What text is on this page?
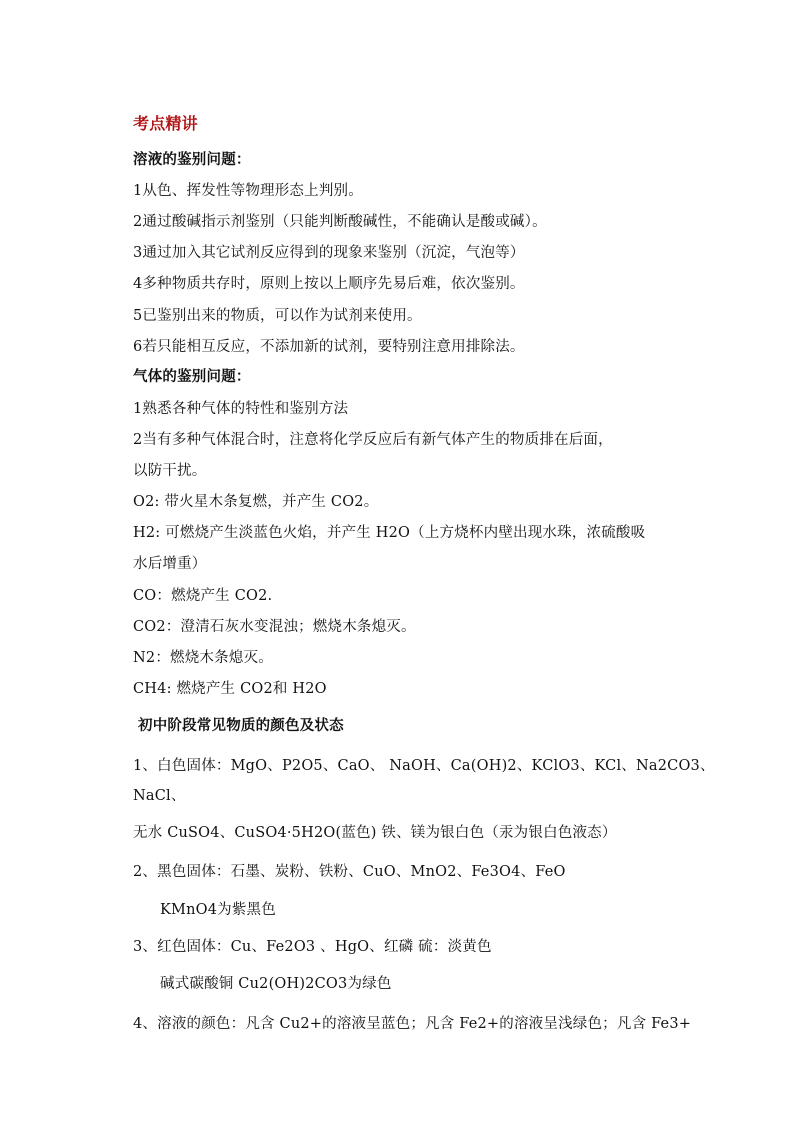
考点精讲

溶液的鉴别问题：

1从色、挥发性等物理形态上判别。

2通过酸碱指示剂鉴别（只能判断酸碱性，不能确认是酸或碱）。

3通过加入其它试剂反应得到的现象来鉴别（沉淀，气泡等）

4多种物质共存时，原则上按以上顺序先易后难，依次鉴别。

5已鉴别出来的物质，可以作为试剂来使用。

6若只能相互反应，不添加新的试剂，要特别注意用排除法。

气体的鉴别问题：

1熟悉各种气体的特性和鉴别方法

2当有多种气体混合时，注意将化学反应后有新气体产生的物质排在后面，

以防干扰。

O2: 带火星木条复燃，并产生 CO2。

H2: 可燃烧产生淡蓝色火焰，并产生 H2O（上方烧杯内壁出现水珠，浓硫酸吸

水后增重）

CO：燃烧产生 CO2.

CO2：澄清石灰水变混浊；燃烧木条熄灭。

N2：燃烧木条熄灭。

CH4: 燃烧产生 CO2和 H2O

初中阶段常见物质的颜色及状态

1、白色固体：MgO、P2O5、CaO、 NaOH、Ca(OH)2、KClO3、KCl、Na2CO3、

NaCl、

无水 CuSO4、CuSO4·5H2O(蓝色) 铁、镁为银白色（汞为银白色液态）

2、黑色固体：石墨、炭粉、铁粉、CuO、MnO2、Fe3O4、FeO

KMnO4为紫黑色

3、红色固体：Cu、Fe2O3 、HgO、红磷 硫：淡黄色

碱式碳酸铜 Cu2(OH)2CO3为绿色

4、溶液的颜色：凡含 Cu2+的溶液呈蓝色；凡含 Fe2+的溶液呈浅绿色；凡含 Fe3+
